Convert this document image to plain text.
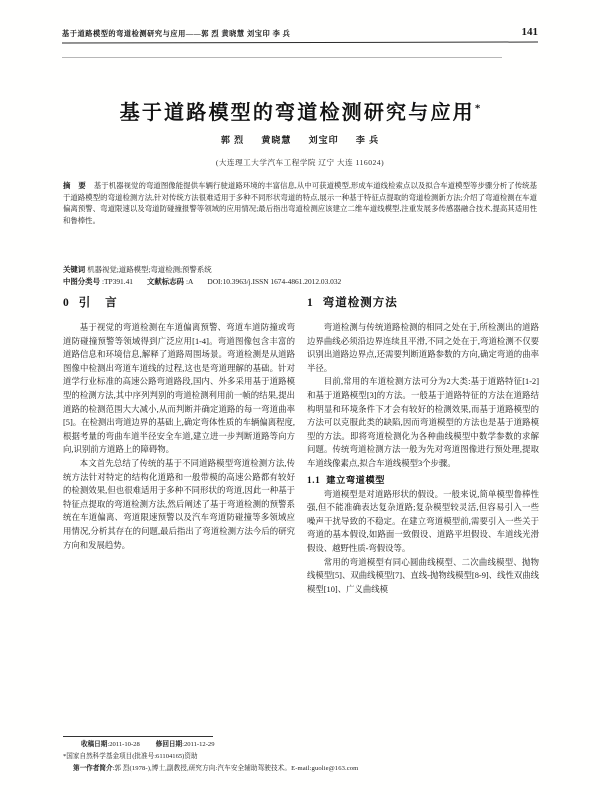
基于道路模型的弯道检测研究与应用——郭 烈 黄晓慧 刘宝印 李 兵	141
基于道路模型的弯道检测研究与应用*
郭 烈 黄晓慧 刘宝印 李 兵
(大连理工大学汽车工程学院 辽宁 大连 116024)

摘 要 基于机器视觉的弯道图像能提供车辆行驶道路环境的丰富信息,从中可获道模型,形成车道线检索点以及拟合车道模型等步骤分析了传统基于道路模型的弯道检测方法,针对传统方法很难适用于多种不同形状弯道的特点,展示一种基于特征点提取的弯道检测新方法;介绍了弯道检测在车道偏离预警、弯道限速以及弯道防碰撞报警等领域的应用情况;最后指出弯道检测应该建立二维车道线模型,注重发展多传感器融合技术,提高其适用性和鲁棒性。

关键词 机器视觉;道路模型;弯道检测;预警系统
中图分类号 :TP391.41 文献标志码 :A DOI:10.3963/j.ISSN 1674-4861.2012.03.032
0 引 言

基于视觉的弯道检测在车道偏离预警、弯道车道防撞或弯道防碰撞预警等领域得到广泛应用[1-4]。弯道图像包含丰富的道路信息和环境信息,解释了道路周围场景。弯道检测是从道路图像中检测出弯道车道线的过程,这也是弯道理解的基础。针对道学行业标准的高速公路弯道路段,国内、外多采用基于道路模型的检测方法,其中序列判别的弯道检测利用前一帧的结果,提出道路的检测范围大大减小,从而判断并确定道路的每一弯道曲率[5]。在检测出弯道边界的基础上,确定弯体性质的车辆偏离程度,根据考量的弯曲车道半径安全车道,建立进一步判断道路等向方向,识别前方道路上的障碍物。

本文首先总结了传统的基于不同道路模型弯道检测方法,传统方法针对特定的结构化道路和一般带模的高速公路都有较好的检测效果,但也很难适用于多种不同形状的弯道,因此一种基于特征点提取的弯道检测方法,然后阐述了基于弯道检测的预警系统在车道偏离、弯道限速预警以及汽车弯道防碰撞等多领域应用情况,分析其存在的问题,最后指出了弯道检测方法今后的研究方向和发展趋势。

1 弯道检测方法

弯道检测与传统道路检测的相同之处在于,所检测出的道路边界曲线必须沿边界连续且平滑,不同之处在于,弯道检测不仅要识别出道路边界点,还需要判断道路参数的方向,确定弯道的曲率半径。

目前,常用的车道检测方法可分为2大类:基于道路特征[1-2]和基于道路模型[3]的方法。一般基于道路特征的方法在道路结构明显和环境条件下才会有较好的检测效果,而基于道路模型的方法可以克服此类的缺陷,因而弯道模型的方法也是基于道路模型的方法。即将弯道检测化为各种曲线模型中数学参数的求解问题。传统弯道检测方法一般为先对弯道图像进行预处理,提取车道线像素点,拟合车道线模型3个步骤。

1.1 建立弯道模型

弯道模型是对道路形状的假设。一般来说,简单模型鲁棒性强,但不能准确表达复杂道路;复杂模型较灵活,但容易引入一些噪声干扰导致的不稳定。在建立弯道模型前,需要引入一些关于弯道的基本假设,如路面一致假设、道路平坦假设、车道线光滑假设、越野性质-弯假设等。

常用的弯道模型有同心圆曲线模型、二次曲线模型、抛物线模型[5]、双曲线模型[7]、直线-抛物线模型[8-9]、线性双曲线模型[10]、广义曲线模

收稿日期:2011-10-28 修回日期:2011-12-29
*国家自然科学基金项目(批准号:61104165)资助
第一作者简介:郭 烈(1978-),博士,副教授,研究方向:汽车安全辅助驾驶技术。E-mail:guolie@163.com
